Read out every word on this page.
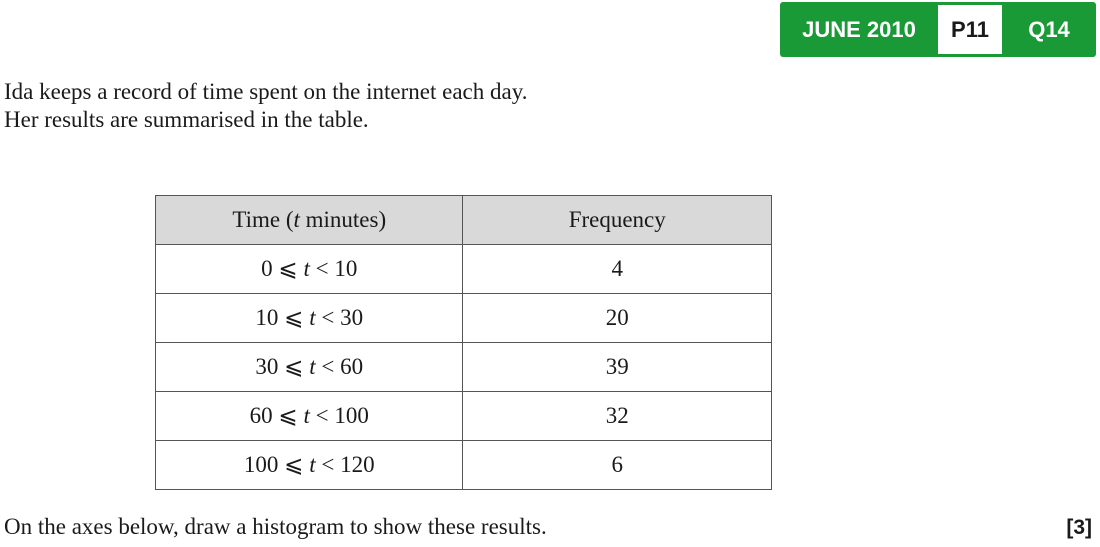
JUNE 2010	P11	Q14
Ida keeps a record of time spent on the internet each day.
Her results are summarised in the table.
Time (t minutes)	Frequency
0 ⩽ t < 10	4
10 ⩽ t < 30	20
30 ⩽ t < 60	39
60 ⩽ t < 100	32
100 ⩽ t < 120	6
On the axes below, draw a histogram to show these results.	[3]
